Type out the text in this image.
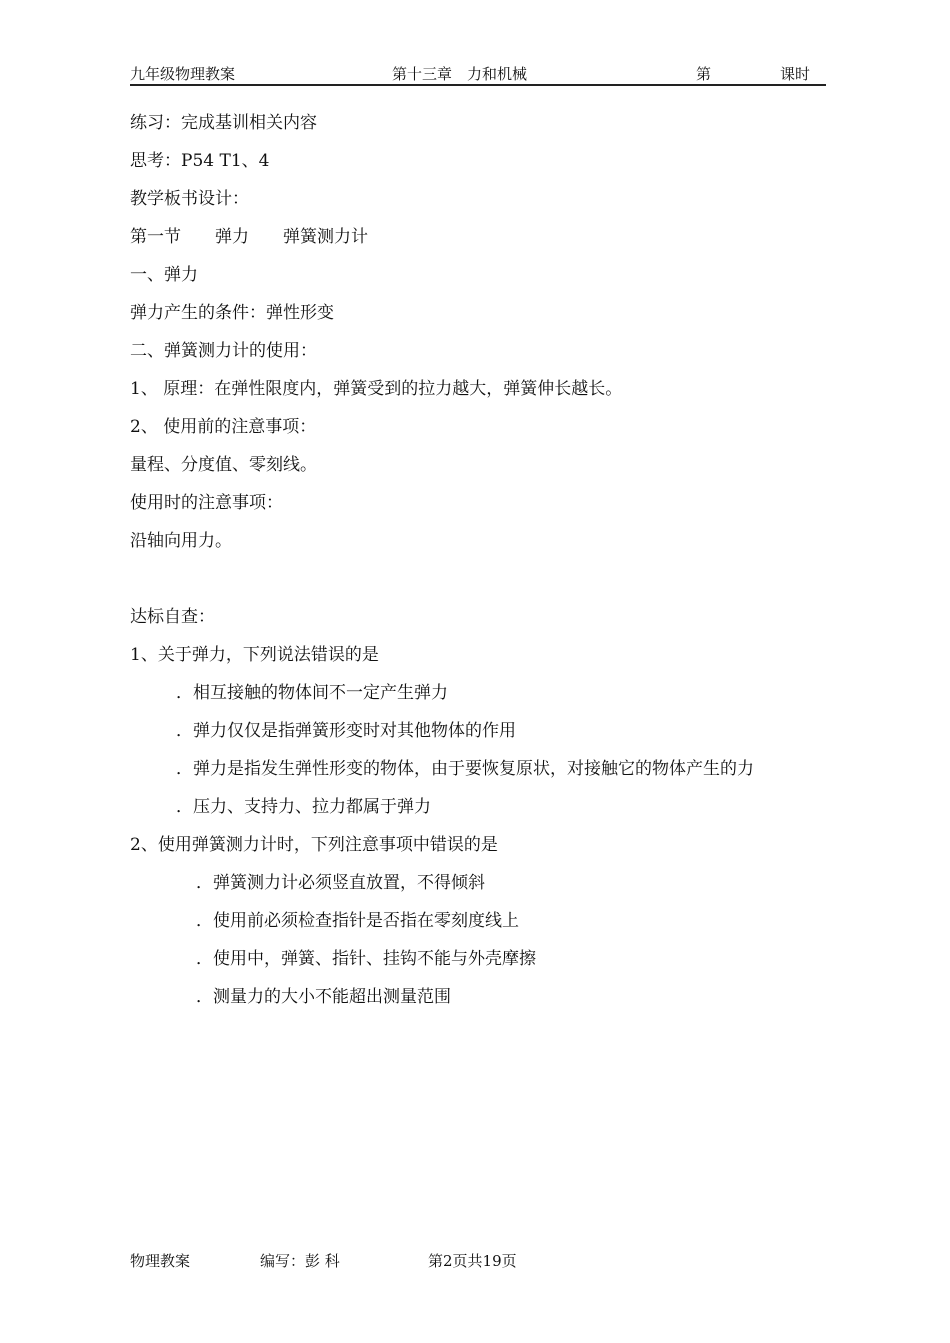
九年级物理教案	第十三章　力和机械	第	课时
练习：完成基训相关内容
思考：P54 T1、4
教学板书设计：
第一节　　弹力　　弹簧测力计
一、弹力
弹力产生的条件：弹性形变
二、弹簧测力计的使用：
1、 原理：在弹性限度内，弹簧受到的拉力越大，弹簧伸长越长。
2、 使用前的注意事项：
量程、分度值、零刻线。
使用时的注意事项：
沿轴向用力。
达标自查：
1、关于弹力，下列说法错误的是
．相互接触的物体间不一定产生弹力
．弹力仅仅是指弹簧形变时对其他物体的作用
．弹力是指发生弹性形变的物体，由于要恢复原状，对接触它的物体产生的力
．压力、支持力、拉力都属于弹力
2、使用弹簧测力计时，下列注意事项中错误的是
．弹簧测力计必须竖直放置，不得倾斜
．使用前必须检查指针是否指在零刻度线上
．使用中，弹簧、指针、挂钩不能与外壳摩擦
．测量力的大小不能超出测量范围
物理教案	编写：彭 科	第2页共19页
